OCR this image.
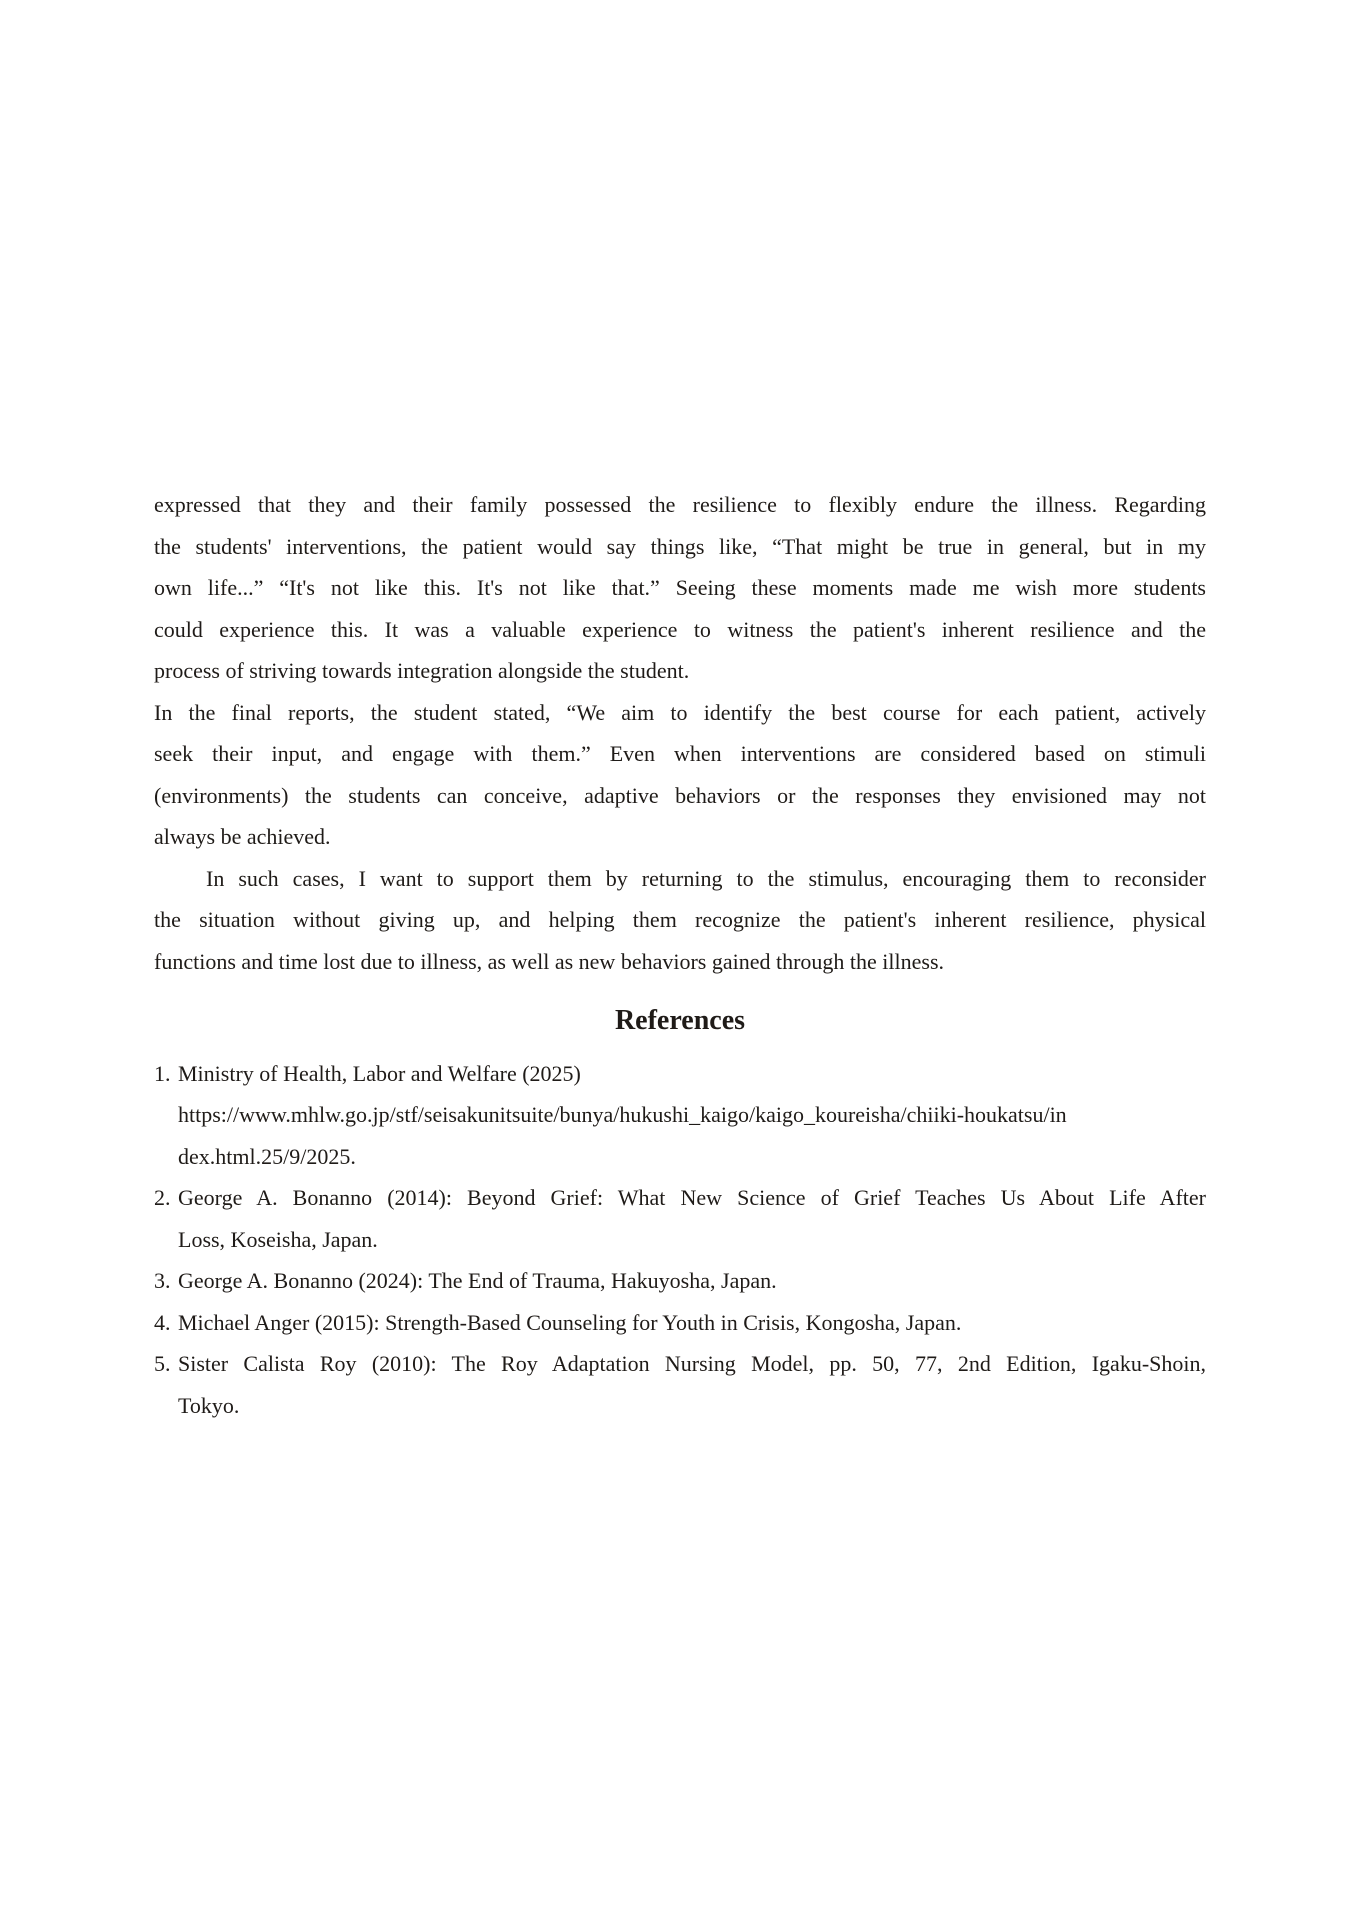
expressed that they and their family possessed the resilience to flexibly endure the illness. Regarding
the students' interventions, the patient would say things like, “That might be true in general, but in my
own life...” “It's not like this. It's not like that.” Seeing these moments made me wish more students
could experience this. It was a valuable experience to witness the patient's inherent resilience and the
process of striving towards integration alongside the student.
In the final reports, the student stated, “We aim to identify the best course for each patient, actively
seek their input, and engage with them.” Even when interventions are considered based on stimuli
(environments) the students can conceive, adaptive behaviors or the responses they envisioned may not
always be achieved.
In such cases, I want to support them by returning to the stimulus, encouraging them to reconsider
the situation without giving up, and helping them recognize the patient's inherent resilience, physical
functions and time lost due to illness, as well as new behaviors gained through the illness.
References
1. Ministry of Health, Labor and Welfare (2025)
https://www.mhlw.go.jp/stf/seisakunitsuite/bunya/hukushi_kaigo/kaigo_koureisha/chiiki-houkatsu/in
dex.html.25/9/2025.
2. George A. Bonanno (2014): Beyond Grief: What New Science of Grief Teaches Us About Life After
Loss, Koseisha, Japan.
3. George A. Bonanno (2024): The End of Trauma, Hakuyosha, Japan.
4. Michael Anger (2015): Strength-Based Counseling for Youth in Crisis, Kongosha, Japan.
5. Sister Calista Roy (2010): The Roy Adaptation Nursing Model, pp. 50, 77, 2nd Edition, Igaku-Shoin,
Tokyo.
